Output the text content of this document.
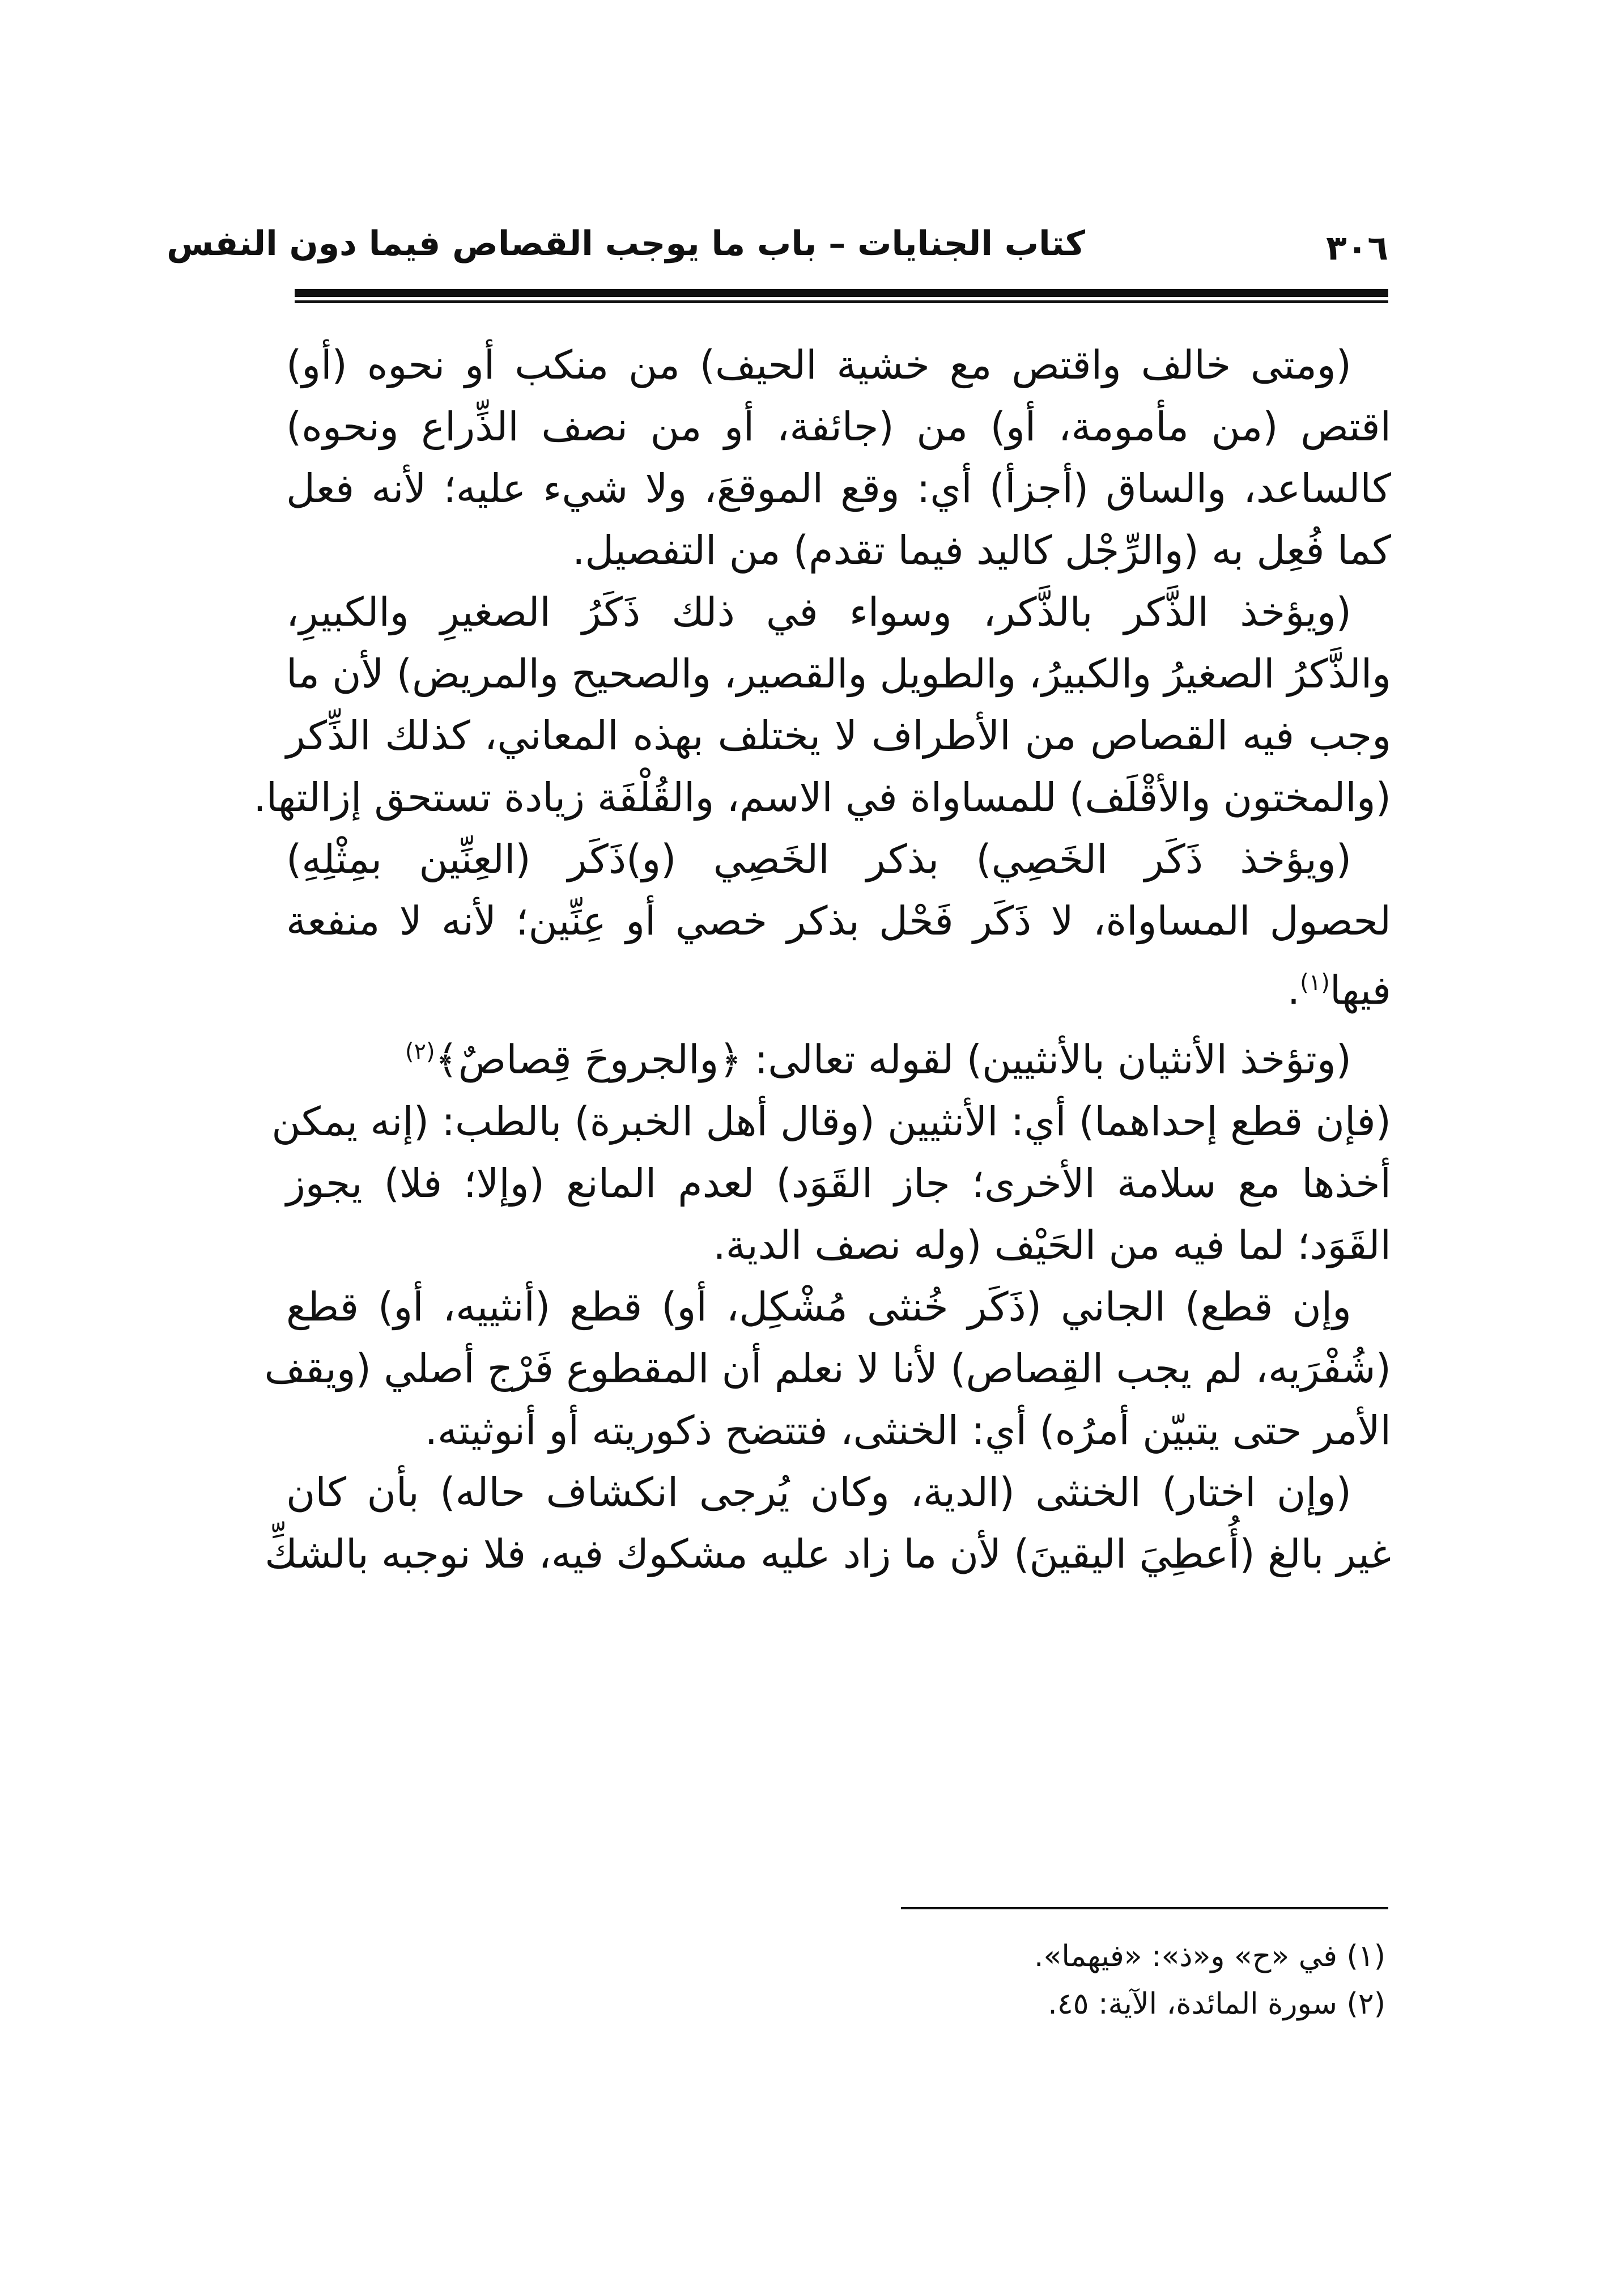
٣٠٦
كتاب الجنايات – باب ما يوجب القصاص فيما دون النفس
(ومتى خالف واقتص مع خشية الحيف) من منكب أو نحوه (أو)
اقتص (من مأمومة، أو) من (جائفة، أو من نصف الذِّراع ونحوه)
كالساعد، والساق (أجزأ) أي: وقع الموقعَ، ولا شيء عليه؛ لأنه فعل
كما فُعِل به (والرِّجْل كاليد فيما تقدم) من التفصيل.
(ويؤخذ الذَّكر بالذَّكر، وسواء في ذلك ذَكَرُ الصغيرِ والكبيرِ،
والذَّكرُ الصغيرُ والكبيرُ، والطويل والقصير، والصحيح والمريض) لأن ما
وجب فيه القصاص من الأطراف لا يختلف بهذه المعاني، كذلك الذِّكر
(والمختون والأقْلَف) للمساواة في الاسم، والقُلْفَة زيادة تستحق إزالتها.
(ويؤخذ ذَكَر الخَصِي) بذكر الخَصِي (و)ذَكَر (العِنِّين بمِثْلِهِ)
لحصول المساواة، لا ذَكَر فَحْل بذكر خصي أو عِنِّين؛ لأنه لا منفعة
فيها$^{(١)}$.
(وتؤخذ الأنثيان بالأنثيين) لقوله تعالى: ﴿والجروحَ قِصاصٌ﴾$^{(٢)}$
(فإن قطع إحداهما) أي: الأنثيين (وقال أهل الخبرة) بالطب: (إنه يمكن
أخذها مع سلامة الأخرى؛ جاز القَوَد) لعدم المانع (وإلا؛ فلا) يجوز
القَوَد؛ لما فيه من الحَيْف (وله نصف الدية.
وإن قطع) الجاني (ذَكَر خُنثى مُشْكِل، أو) قطع (أنثييه، أو) قطع
(شُفْرَيه، لم يجب القِصاص) لأنا لا نعلم أن المقطوع فَرْج أصلي (ويقف
الأمر حتى يتبيّن أمرُه) أي: الخنثى، فتتضح ذكوريته أو أنوثيته.
(وإن اختار) الخنثى (الدية، وكان يُرجى انكشاف حاله) بأن كان
غير بالغ (أُعطِيَ اليقينَ) لأن ما زاد عليه مشكوك فيه، فلا نوجبه بالشكِّ
(١) في «ح» و«ذ»: «فيهما».
(٢) سورة المائدة، الآية: ٤٥.
